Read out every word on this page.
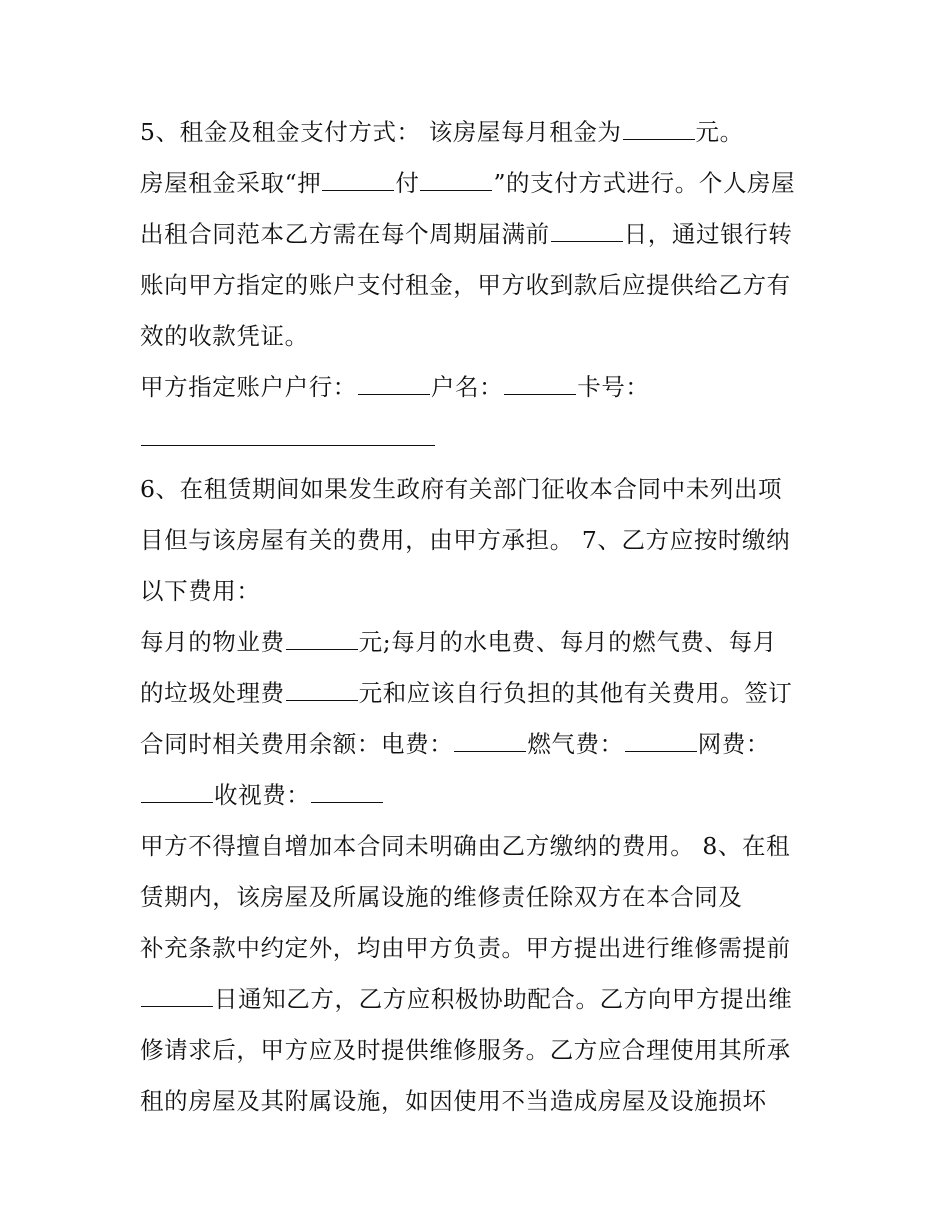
5、租金及租金支付方式： 该房屋每月租金为	元。
房屋租金采取“押	付	”的支付方式进行。个人房屋
出租合同范本乙方需在每个周期届满前	日，通过银行转
账向甲方指定的账户支付租金，甲方收到款后应提供给乙方有
效的收款凭证。
甲方指定账户户行：	户名：	卡号：
6、在租赁期间如果发生政府有关部门征收本合同中未列出项
目但与该房屋有关的费用，由甲方承担。 7、乙方应按时缴纳
以下费用：
每月的物业费	元;每月的水电费、每月的燃气费、每月
的垃圾处理费	元和应该自行负担的其他有关费用。签订
合同时相关费用余额：电费：	燃气费：	网费：
收视费：
甲方不得擅自增加本合同未明确由乙方缴纳的费用。 8、在租
赁期内，该房屋及所属设施的维修责任除双方在本合同及
补充条款中约定外，均由甲方负责。甲方提出进行维修需提前
日通知乙方，乙方应积极协助配合。乙方向甲方提出维
修请求后，甲方应及时提供维修服务。乙方应合理使用其所承
租的房屋及其附属设施，如因使用不当造成房屋及设施损坏
